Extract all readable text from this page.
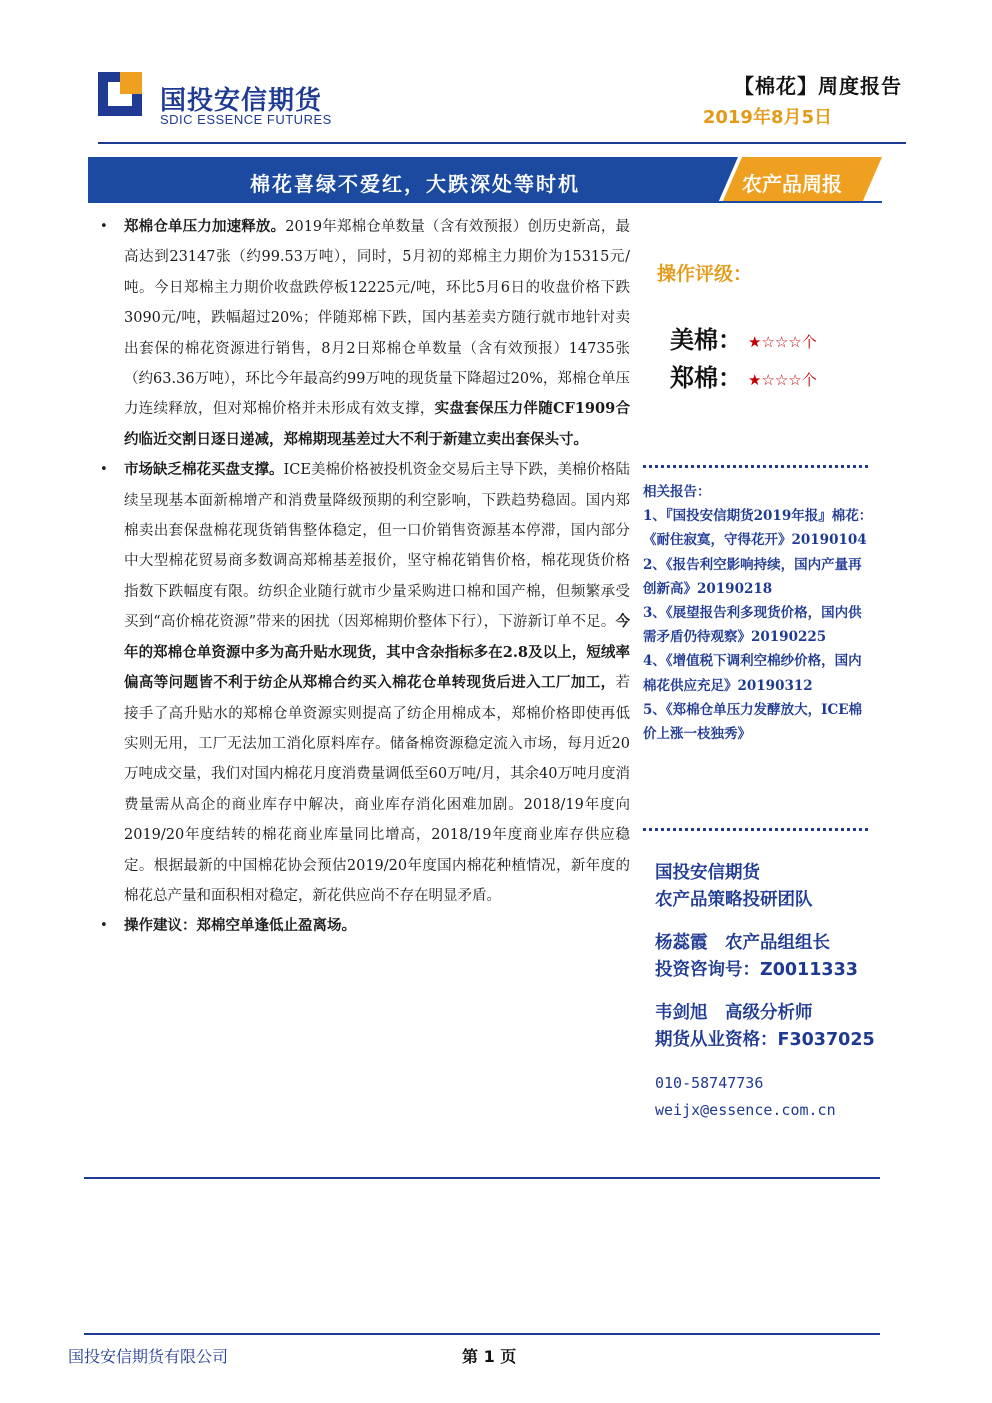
国投安信期货
SDIC ESSENCE FUTURES
【棉花】周度报告
2019年8月5日
棉花喜绿不爱红，大跌深处等时机	农产品周报
• 郑棉仓单压力加速释放。2019年郑棉仓单数量（含有效预报）创历史新高，最高达到23147张（约99.53万吨），同时，5月初的郑棉主力期价为15315元/吨。今日郑棉主力期价收盘跌停板12225元/吨，环比5月6日的收盘价格下跌3090元/吨，跌幅超过20%；伴随郑棉下跌，国内基差卖方随行就市地针对卖出套保的棉花资源进行销售，8月2日郑棉仓单数量（含有效预报）14735张（约63.36万吨），环比今年最高约99万吨的现货量下降超过20%，郑棉仓单压力连续释放，但对郑棉价格并未形成有效支撑，实盘套保压力伴随CF1909合约临近交割日逐日递减，郑棉期现基差过大不利于新建立卖出套保头寸。
• 市场缺乏棉花买盘支撑。ICE美棉价格被投机资金交易后主导下跌，美棉价格陆续呈现基本面新棉增产和消费量降级预期的利空影响，下跌趋势稳固。国内郑棉卖出套保盘棉花现货销售整体稳定，但一口价销售资源基本停滞，国内部分中大型棉花贸易商多数调高郑棉基差报价，坚守棉花销售价格，棉花现货价格指数下跌幅度有限。纺织企业随行就市少量采购进口棉和国产棉，但频繁承受买到“高价棉花资源”带来的困扰（因郑棉期价整体下行），下游新订单不足。今年的郑棉仓单资源中多为高升贴水现货，其中含杂指标多在2.8及以上，短绒率偏高等问题皆不利于纺企从郑棉合约买入棉花仓单转现货后进入工厂加工，若接手了高升贴水的郑棉仓单资源实则提高了纺企用棉成本，郑棉价格即使再低实则无用，工厂无法加工消化原料库存。储备棉资源稳定流入市场，每月近20万吨成交量，我们对国内棉花月度消费量调低至60万吨/月，其余40万吨月度消费量需从高企的商业库存中解决，商业库存消化困难加剧。2018/19年度向2019/20年度结转的棉花商业库量同比增高，2018/19年度商业库存供应稳定。根据最新的中国棉花协会预估2019/20年度国内棉花种植情况，新年度的棉花总产量和面积相对稳定，新花供应尚不存在明显矛盾。
• 操作建议：郑棉空单逢低止盈离场。
操作评级：
美棉： ★☆☆☆个
郑棉： ★☆☆☆个
相关报告：
1、『国投安信期货2019年报』棉花：《耐住寂寞，守得花开》20190104
2、《报告利空影响持续，国内产量再创新高》20190218
3、《展望报告利多现货价格，国内供需矛盾仍待观察》20190225
4、《增值税下调利空棉纱价格，国内棉花供应充足》20190312
5、《郑棉仓单压力发酵放大，ICE棉价上涨一枝独秀》
国投安信期货
农产品策略投研团队
杨蕊霞　农产品组组长
投资咨询号：Z0011333
韦剑旭　高级分析师
期货从业资格：F3037025
010-58747736
weijx@essence.com.cn
国投安信期货有限公司	第 1 页
